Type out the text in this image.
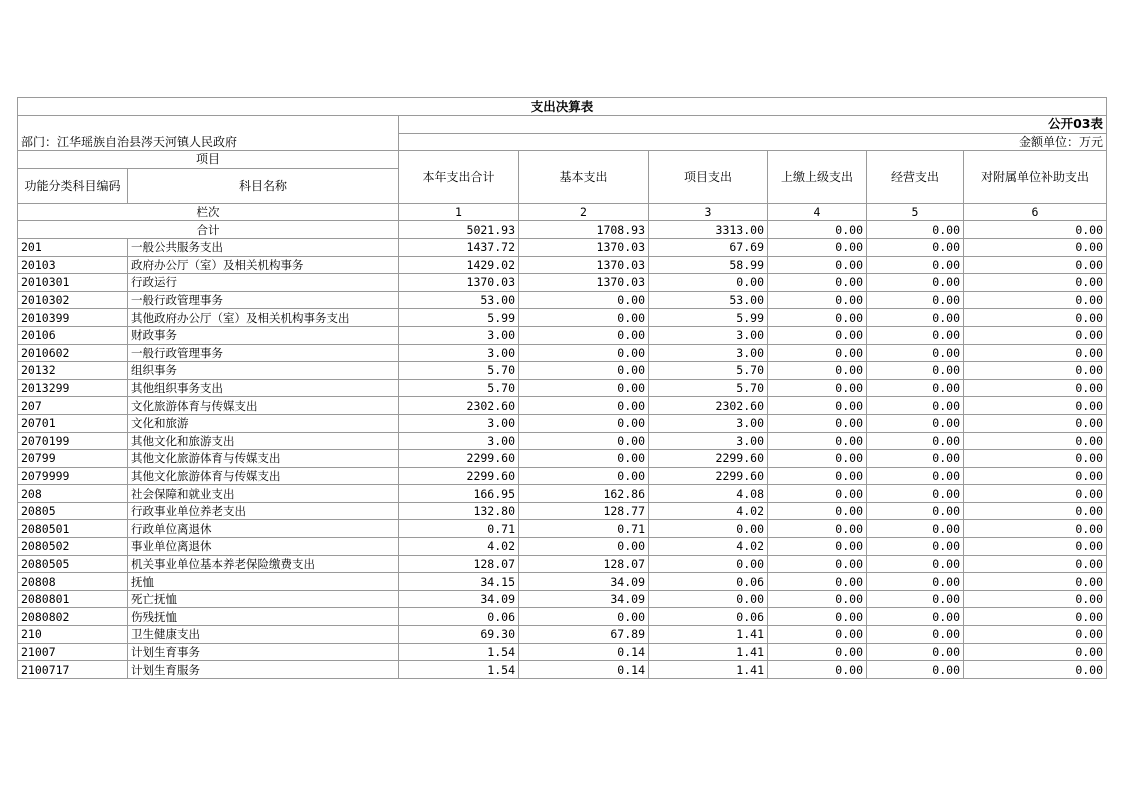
支出决算表							
		公开03表					
部门：江华瑶族自治县涔天河镇人民政府		金额单位：万元					
项目		本年支出合计	基本支出	项目支出	上缴上级支出	经营支出	对附属单位补助支出
功能分类科目编码	科目名称						
栏次		1	2	3	4	5	6
合计		5021.93	1708.93	3313.00	0.00	0.00	0.00
201	一般公共服务支出	1437.72	1370.03	67.69	0.00	0.00	0.00
20103	政府办公厅（室）及相关机构事务	1429.02	1370.03	58.99	0.00	0.00	0.00
2010301	行政运行	1370.03	1370.03	0.00	0.00	0.00	0.00
2010302	一般行政管理事务	53.00	0.00	53.00	0.00	0.00	0.00
2010399	其他政府办公厅（室）及相关机构事务支出	5.99	0.00	5.99	0.00	0.00	0.00
20106	财政事务	3.00	0.00	3.00	0.00	0.00	0.00
2010602	一般行政管理事务	3.00	0.00	3.00	0.00	0.00	0.00
20132	组织事务	5.70	0.00	5.70	0.00	0.00	0.00
2013299	其他组织事务支出	5.70	0.00	5.70	0.00	0.00	0.00
207	文化旅游体育与传媒支出	2302.60	0.00	2302.60	0.00	0.00	0.00
20701	文化和旅游	3.00	0.00	3.00	0.00	0.00	0.00
2070199	其他文化和旅游支出	3.00	0.00	3.00	0.00	0.00	0.00
20799	其他文化旅游体育与传媒支出	2299.60	0.00	2299.60	0.00	0.00	0.00
2079999	其他文化旅游体育与传媒支出	2299.60	0.00	2299.60	0.00	0.00	0.00
208	社会保障和就业支出	166.95	162.86	4.08	0.00	0.00	0.00
20805	行政事业单位养老支出	132.80	128.77	4.02	0.00	0.00	0.00
2080501	行政单位离退休	0.71	0.71	0.00	0.00	0.00	0.00
2080502	事业单位离退休	4.02	0.00	4.02	0.00	0.00	0.00
2080505	机关事业单位基本养老保险缴费支出	128.07	128.07	0.00	0.00	0.00	0.00
20808	抚恤	34.15	34.09	0.06	0.00	0.00	0.00
2080801	死亡抚恤	34.09	34.09	0.00	0.00	0.00	0.00
2080802	伤残抚恤	0.06	0.00	0.06	0.00	0.00	0.00
210	卫生健康支出	69.30	67.89	1.41	0.00	0.00	0.00
21007	计划生育事务	1.54	0.14	1.41	0.00	0.00	0.00
2100717	计划生育服务	1.54	0.14	1.41	0.00	0.00	0.00
